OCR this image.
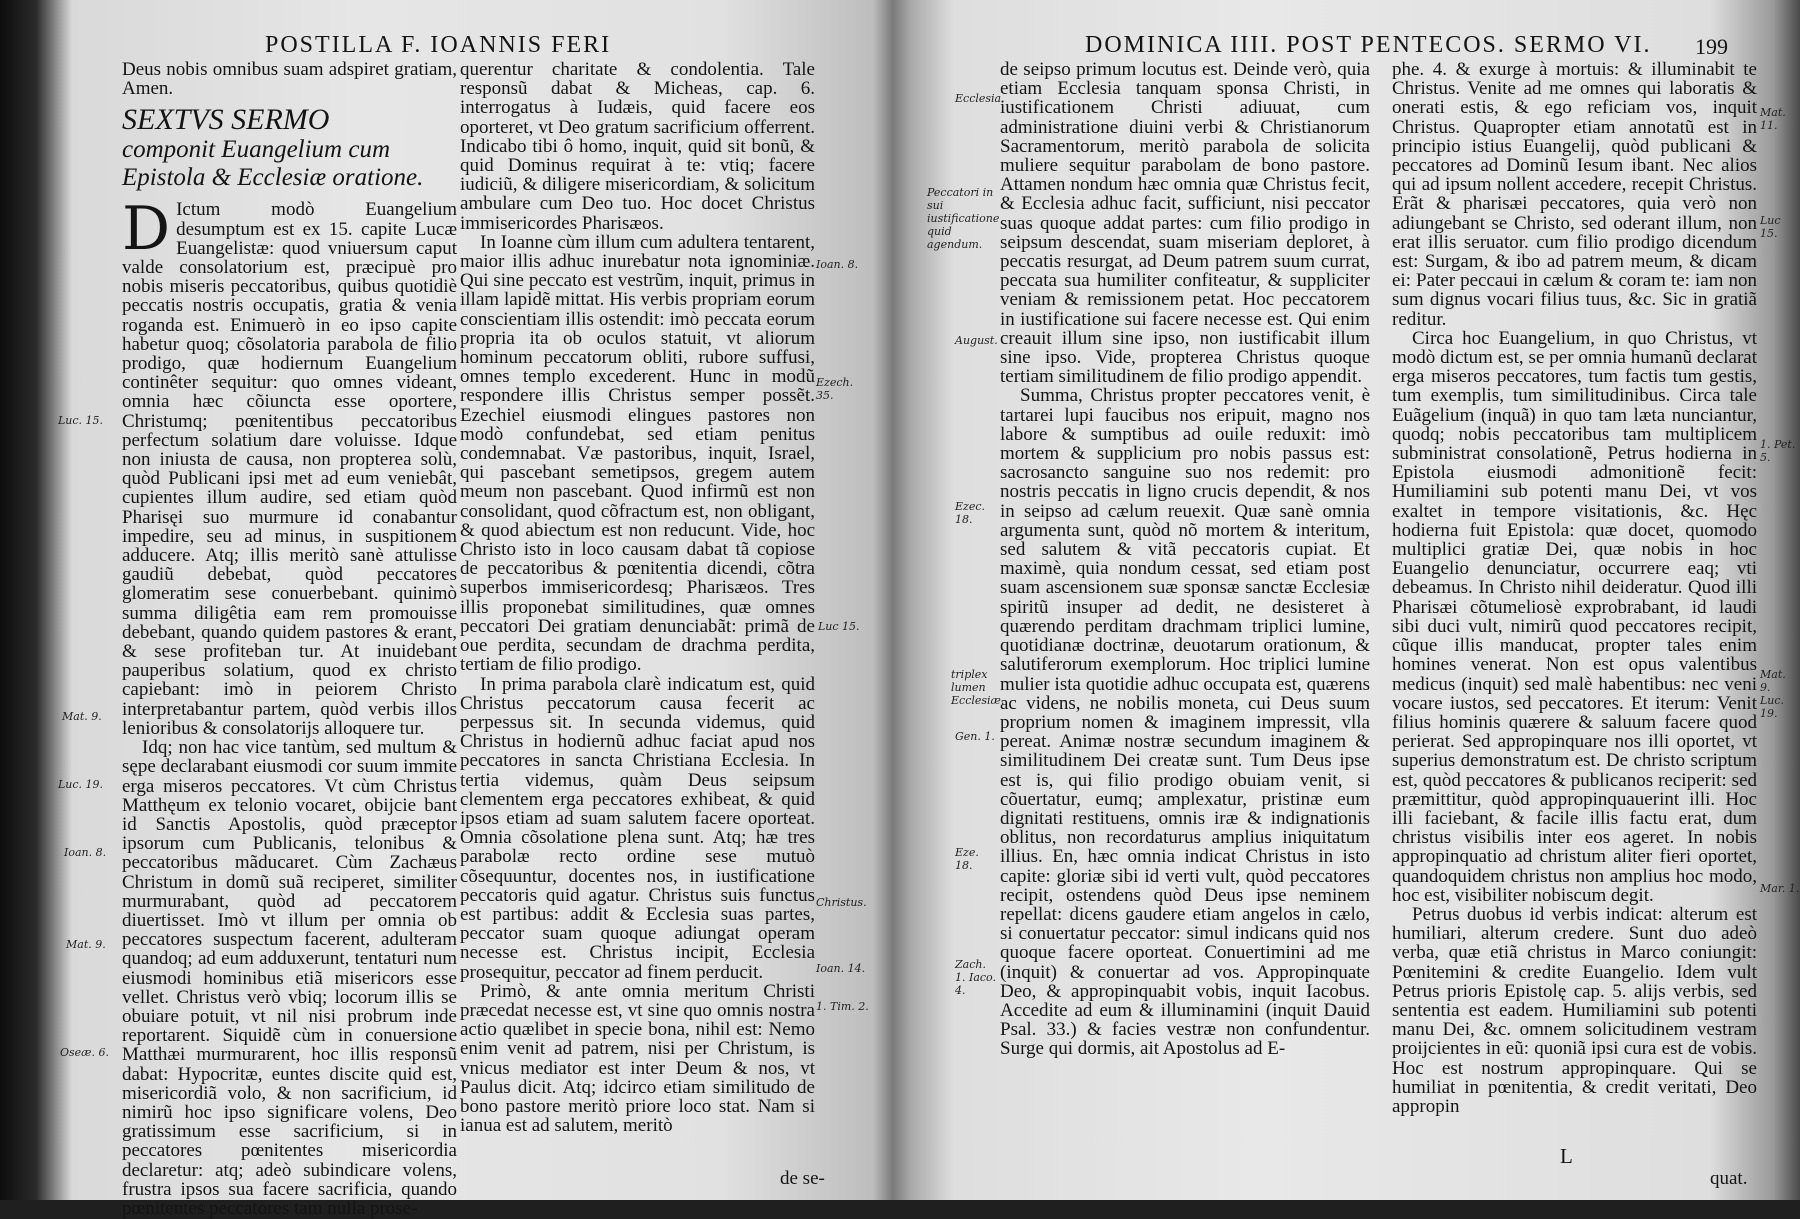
POSTILLA F. IOANNIS FERI

Deus nobis omnibus suam adspiret gratiam, Amen.

SEXTVS SERMO
componit Euangelium cum Epistola & Ecclesiæ oratione.

D Ictum modò Euangelium desumptum est ex 15. capite Lucæ Euangelistæ: quod vniuersum caput valde consolatorium est, præcipuè pro nobis miseris peccatoribus, quibus quotidiè peccatis nostris occupatis, gratia & venia roganda est. Enimuerò in eo ipso capite habetur quoq; cõsolatoria parabola de filio prodigo, quæ hodiernum Euangelium continêter sequitur: quo omnes videant, omnia hæc cõiuncta esse oportere, Christumq; pœnitentibus peccatoribus perfectum solatium dare voluisse. Idque non iniusta de causa, non propterea solù, quòd Publicani ipsi met ad eum veniebât, cupientes illum audire, sed etiam quòd Pharisęi suo murmure id conabantur impedire, seu ad minus, in suspitionem adducere. Atq; illis meritò sanè attulisse gaudiũ debebat, quòd peccatores glomeratim sese conuerbebant. quinimò summa diligêtia eam rem promouisse debebant, quando quidem pastores & erant, & sese profiteban tur. At inuidebant pauperibus solatium, quod ex christo capiebant: imò in peiorem Christo interpretabantur partem, quòd verbis illos lenioribus & consolatorijs alloquere tur.

Idq; non hac vice tantùm, sed multum & sępe declarabant eiusmodi cor suum immite erga miseros peccatores. Vt cùm Christus Matthęum ex telonio vocaret, obijcie bant id Sanctis Apostolis, quòd præceptor ipsorum cum Publicanis, telonibus & peccatoribus mãducaret. Cùm Zachæus Christum in domũ suã reciperet, similiter murmurabant, quòd ad peccatorem diuertisset. Imò vt illum per omnia ob peccatores suspectum facerent, adulteram quandoq; ad eum adduxerunt, tentaturi num eiusmodi hominibus etiã misericors esse vellet. Christus verò vbiq; locorum illis se obuiare potuit, vt nil nisi probrum inde reportarent. Siquidẽ cùm in conuersione Matthæi murmurarent, hoc illis responsũ dabat: Hypocritæ, euntes discite quid est, misericordiã volo, & non sacrificium, id nimirũ hoc ipso significare volens, Deo gratissimum esse sacrificium, si in peccatores pœnitentes misericordia declaretur: atq; adeò subindicare volens, frustra ipsos sua facere sacrificia, quando pœnitentes peccatores tam nulla prose-

querentur charitate & condolentia. Tale responsũ dabat & Micheas, cap. 6. interrogatus à Iudæis, quid facere eos oporteret, vt Deo gratum sacrificium offerrent. Indicabo tibi ô homo, inquit, quid sit bonũ, & quid Dominus requirat à te: vtiq; facere iudiciũ, & diligere misericordiam, & solicitum ambulare cum Deo tuo. Hoc docet Christus immisericordes Pharisæos.

In Ioanne cùm illum cum adultera tentarent, maior illis adhuc inurebatur nota ignominiæ. Qui sine peccato est vestrũm, inquit, primus in illam lapidẽ mittat. His verbis propriam eorum conscientiam illis ostendit: imò peccata eorum propria ita ob oculos statuit, vt aliorum hominum peccatorum obliti, rubore suffusi, omnes templo excederent. Hunc in modũ respondere illis Christus semper possẽt. Ezechiel eiusmodi elingues pastores non modò confundebat, sed etiam penitus condemnabat. Væ pastoribus, inquit, Israel, qui pascebant semetipsos, gregem autem meum non pascebant. Quod infirmũ est non consolidant, quod cõfractum est, non obligant, & quod abiectum est non reducunt. Vide, hoc Christo isto in loco causam dabat tã copiose de peccatoribus & pœnitentia dicendi, cõtra superbos immisericordesq; Pharisæos. Tres illis proponebat similitudines, quæ omnes peccatori Dei gratiam denunciabãt: primã de oue perdita, secundam de drachma perdita, tertiam de filio prodigo.

In prima parabola clarè indicatum est, quid Christus peccatorum causa fecerit ac perpessus sit. In secunda videmus, quid Christus in hodiernũ adhuc faciat apud nos peccatores in sancta Christiana Ecclesia. In tertia videmus, quàm Deus seipsum clementem erga peccatores exhibeat, & quid ipsos etiam ad suam salutem facere oporteat. Omnia cõsolatione plena sunt. Atq; hæ tres parabolæ recto ordine sese mutuò cõsequuntur, docentes nos, in iustificatione peccatoris quid agatur. Christus suis functus est partibus: addit & Ecclesia suas partes, peccator suam quoque adiungat operam necesse est. Christus incipit, Ecclesia prosequitur, peccator ad finem perducit.

Primò, & ante omnia meritum Christi præcedat necesse est, vt sine quo omnis nostra actio quælibet in specie bona, nihil est: Nemo enim venit ad patrem, nisi per Christum, is vnicus mediator est inter Deum & nos, vt Paulus dicit. Atq; idcirco etiam similitudo de bono pastore meritò priore loco stat. Nam si ianua est ad salutem, meritò

de se-
Luc. 15.
Mat. 9.
Luc. 19.
Ioan. 8.
Mat. 9.
Oseæ. 6.
Ioan. 8.
Ezech. 35.
Luc 15.
Christus.
Ioan. 14.
1. Tim. 2.
DOMINICA IIII. POST PENTECOS. SERMO VI. 199

de seipso primum locutus est. Deinde verò, quia etiam Ecclesia tanquam sponsa Christi, in iustificationem Christi adiuuat, cum administratione diuini verbi & Christianorum Sacramentorum, meritò parabola de solicita muliere sequitur parabolam de bono pastore. Attamen nondum hæc omnia quæ Christus fecit, & Ecclesia adhuc facit, sufficiunt, nisi peccator suas quoque addat partes: cum filio prodigo in seipsum descendat, suam miseriam deploret, à peccatis resurgat, ad Deum patrem suum currat, peccata sua humiliter confiteatur, & suppliciter veniam & remissionem petat. Hoc peccatorem in iustificatione sui facere necesse est. Qui enim creauit illum sine ipso, non iustificabit illum sine ipso. Vide, propterea Christus quoque tertiam similitudinem de filio prodigo appendit.

Summa, Christus propter peccatores venit, è tartarei lupi faucibus nos eripuit, magno nos labore & sumptibus ad ouile reduxit: imò mortem & supplicium pro nobis passus est: sacrosancto sanguine suo nos redemit: pro nostris peccatis in ligno crucis dependit, & nos in seipso ad cælum reuexit. Quæ sanè omnia argumenta sunt, quòd nõ mortem & interitum, sed salutem & vitã peccatoris cupiat. Et maximè, quia nondum cessat, sed etiam post suam ascensionem suæ sponsæ sanctæ Ecclesiæ spiritũ insuper ad dedit, ne desisteret à quærendo perditam drachmam triplici lumine, quotidianæ doctrinæ, deuotarum orationum, & salutiferorum exemplorum. Hoc triplici lumine mulier ista quotidie adhuc occupata est, quærens ac videns, ne nobilis moneta, cui Deus suum proprium nomen & imaginem impressit, vlla pereat. Animæ nostræ secundum imaginem & similitudinem Dei creatæ sunt. Tum Deus ipse est is, qui filio prodigo obuiam venit, si cõuertatur, eumq; amplexatur, pristinæ eum dignitati restituens, omnis iræ & indignationis oblitus, non recordaturus amplius iniquitatum illius. En, hæc omnia indicat Christus in isto capite: gloriæ sibi id verti vult, quòd peccatores recipit, ostendens quòd Deus ipse neminem repellat: dicens gaudere etiam angelos in cælo, si conuertatur peccator: simul indicans quid nos quoque facere oporteat. Conuertimini ad me (inquit) & conuertar ad vos. Appropinquate Deo, & appropinquabit vobis, inquit Iacobus. Accedite ad eum & illuminamini (inquit Dauid Psal. 33.) & facies vestræ non confundentur. Surge qui dormis, ait Apostolus ad E-

phe. 4. & exurge à mortuis: & illuminabit te Christus. Venite ad me omnes qui laboratis & onerati estis, & ego reficiam vos, inquit Christus. Quapropter etiam annotatũ est in principio istius Euangelij, quòd publicani & peccatores ad Dominũ Iesum ibant. Nec alios qui ad ipsum nollent accedere, recepit Christus. Erãt & pharisæi peccatores, quia verò non adiungebant se Christo, sed oderant illum, non erat illis seruator. cum filio prodigo dicendum est: Surgam, & ibo ad patrem meum, & dicam ei: Pater peccaui in cælum & coram te: iam non sum dignus vocari filius tuus, &c. Sic in gratiã reditur.

Circa hoc Euangelium, in quo Christus, vt modò dictum est, se per omnia humanũ declarat erga miseros peccatores, tum factis tum gestis, tum exemplis, tum similitudinibus. Circa tale Euãgelium (inquã) in quo tam læta nunciantur, quodq; nobis peccatoribus tam multiplicem subministrat consolationẽ, Petrus hodierna in Epistola eiusmodi admonitionẽ fecit: Humiliamini sub potenti manu Dei, vt vos exaltet in tempore visitationis, &c. Hęc hodierna fuit Epistola: quæ docet, quomodo multiplici gratiæ Dei, quæ nobis in hoc Euangelio denunciatur, occurrere eaq; vti debeamus. In Christo nihil deideratur. Quod illi Pharisæi cõtumeliosè exprobrabant, id laudi sibi duci vult, nimirũ quod peccatores recipit, cũque illis manducat, propter tales enim homines venerat. Non est opus valentibus medicus (inquit) sed malè habentibus: nec veni vocare iustos, sed peccatores. Et iterum: Venit filius hominis quærere & saluum facere quod perierat. Sed appropinquare nos illi oportet, vt superius demonstratum est. De christo scriptum est, quòd peccatores & publicanos reciperit: sed præmittitur, quòd appropinquauerint illi. Hoc illi faciebant, & facile illis factu erat, dum christus visibilis inter eos ageret. In nobis appropinquatio ad christum aliter fieri oportet, quandoquidem christus non amplius hoc modo, hoc est, visibiliter nobiscum degit.

Petrus duobus id verbis indicat: alterum est humiliari, alterum credere. Sunt duo adeò verba, quæ etiã christus in Marco coniungit: Pœnitemini & credite Euangelio. Idem vult Petrus prioris Epistolę cap. 5. alijs verbis, sed sententia est eadem. Humiliamini sub potenti manu Dei, &c. omnem solicitudinem vestram proijcientes in eũ: quoniã ipsi cura est de vobis. Hoc est nostrum appropinquare. Qui se humiliat in pœnitentia, & credit veritati, Deo appropin

L
quat.
Ecclesia.
Peccatori in sui iustificatione quid agendum.
August.
Ezec. 18.
triplex lumen Ecclesiæ.
Gen. 1.
Eze. 18.
Zach. 1. Iaco. 4.
Mat. 11.
Luc 15.
1. Pet. 5.
Mat. 9. Luc. 19.
Mar. 1.
